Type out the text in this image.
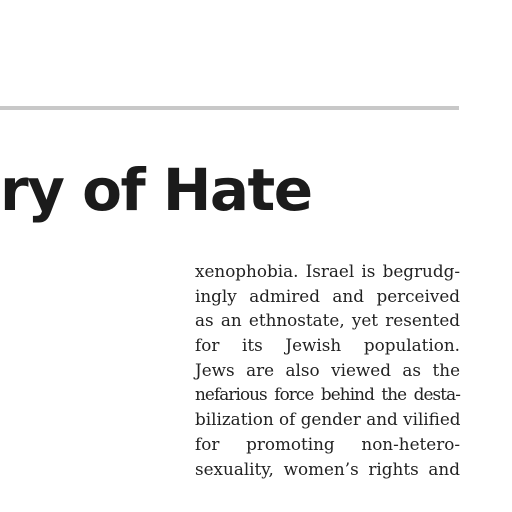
ry of Hate
xenophobia. Israel is begrudg-
ingly admired and perceived
as an ethnostate, yet resented
for its Jewish population.
Jews are also viewed as the
nefarious force behind the desta-
bilization of gender and vilified
for promoting non-hetero-
sexuality, women’s rights and
